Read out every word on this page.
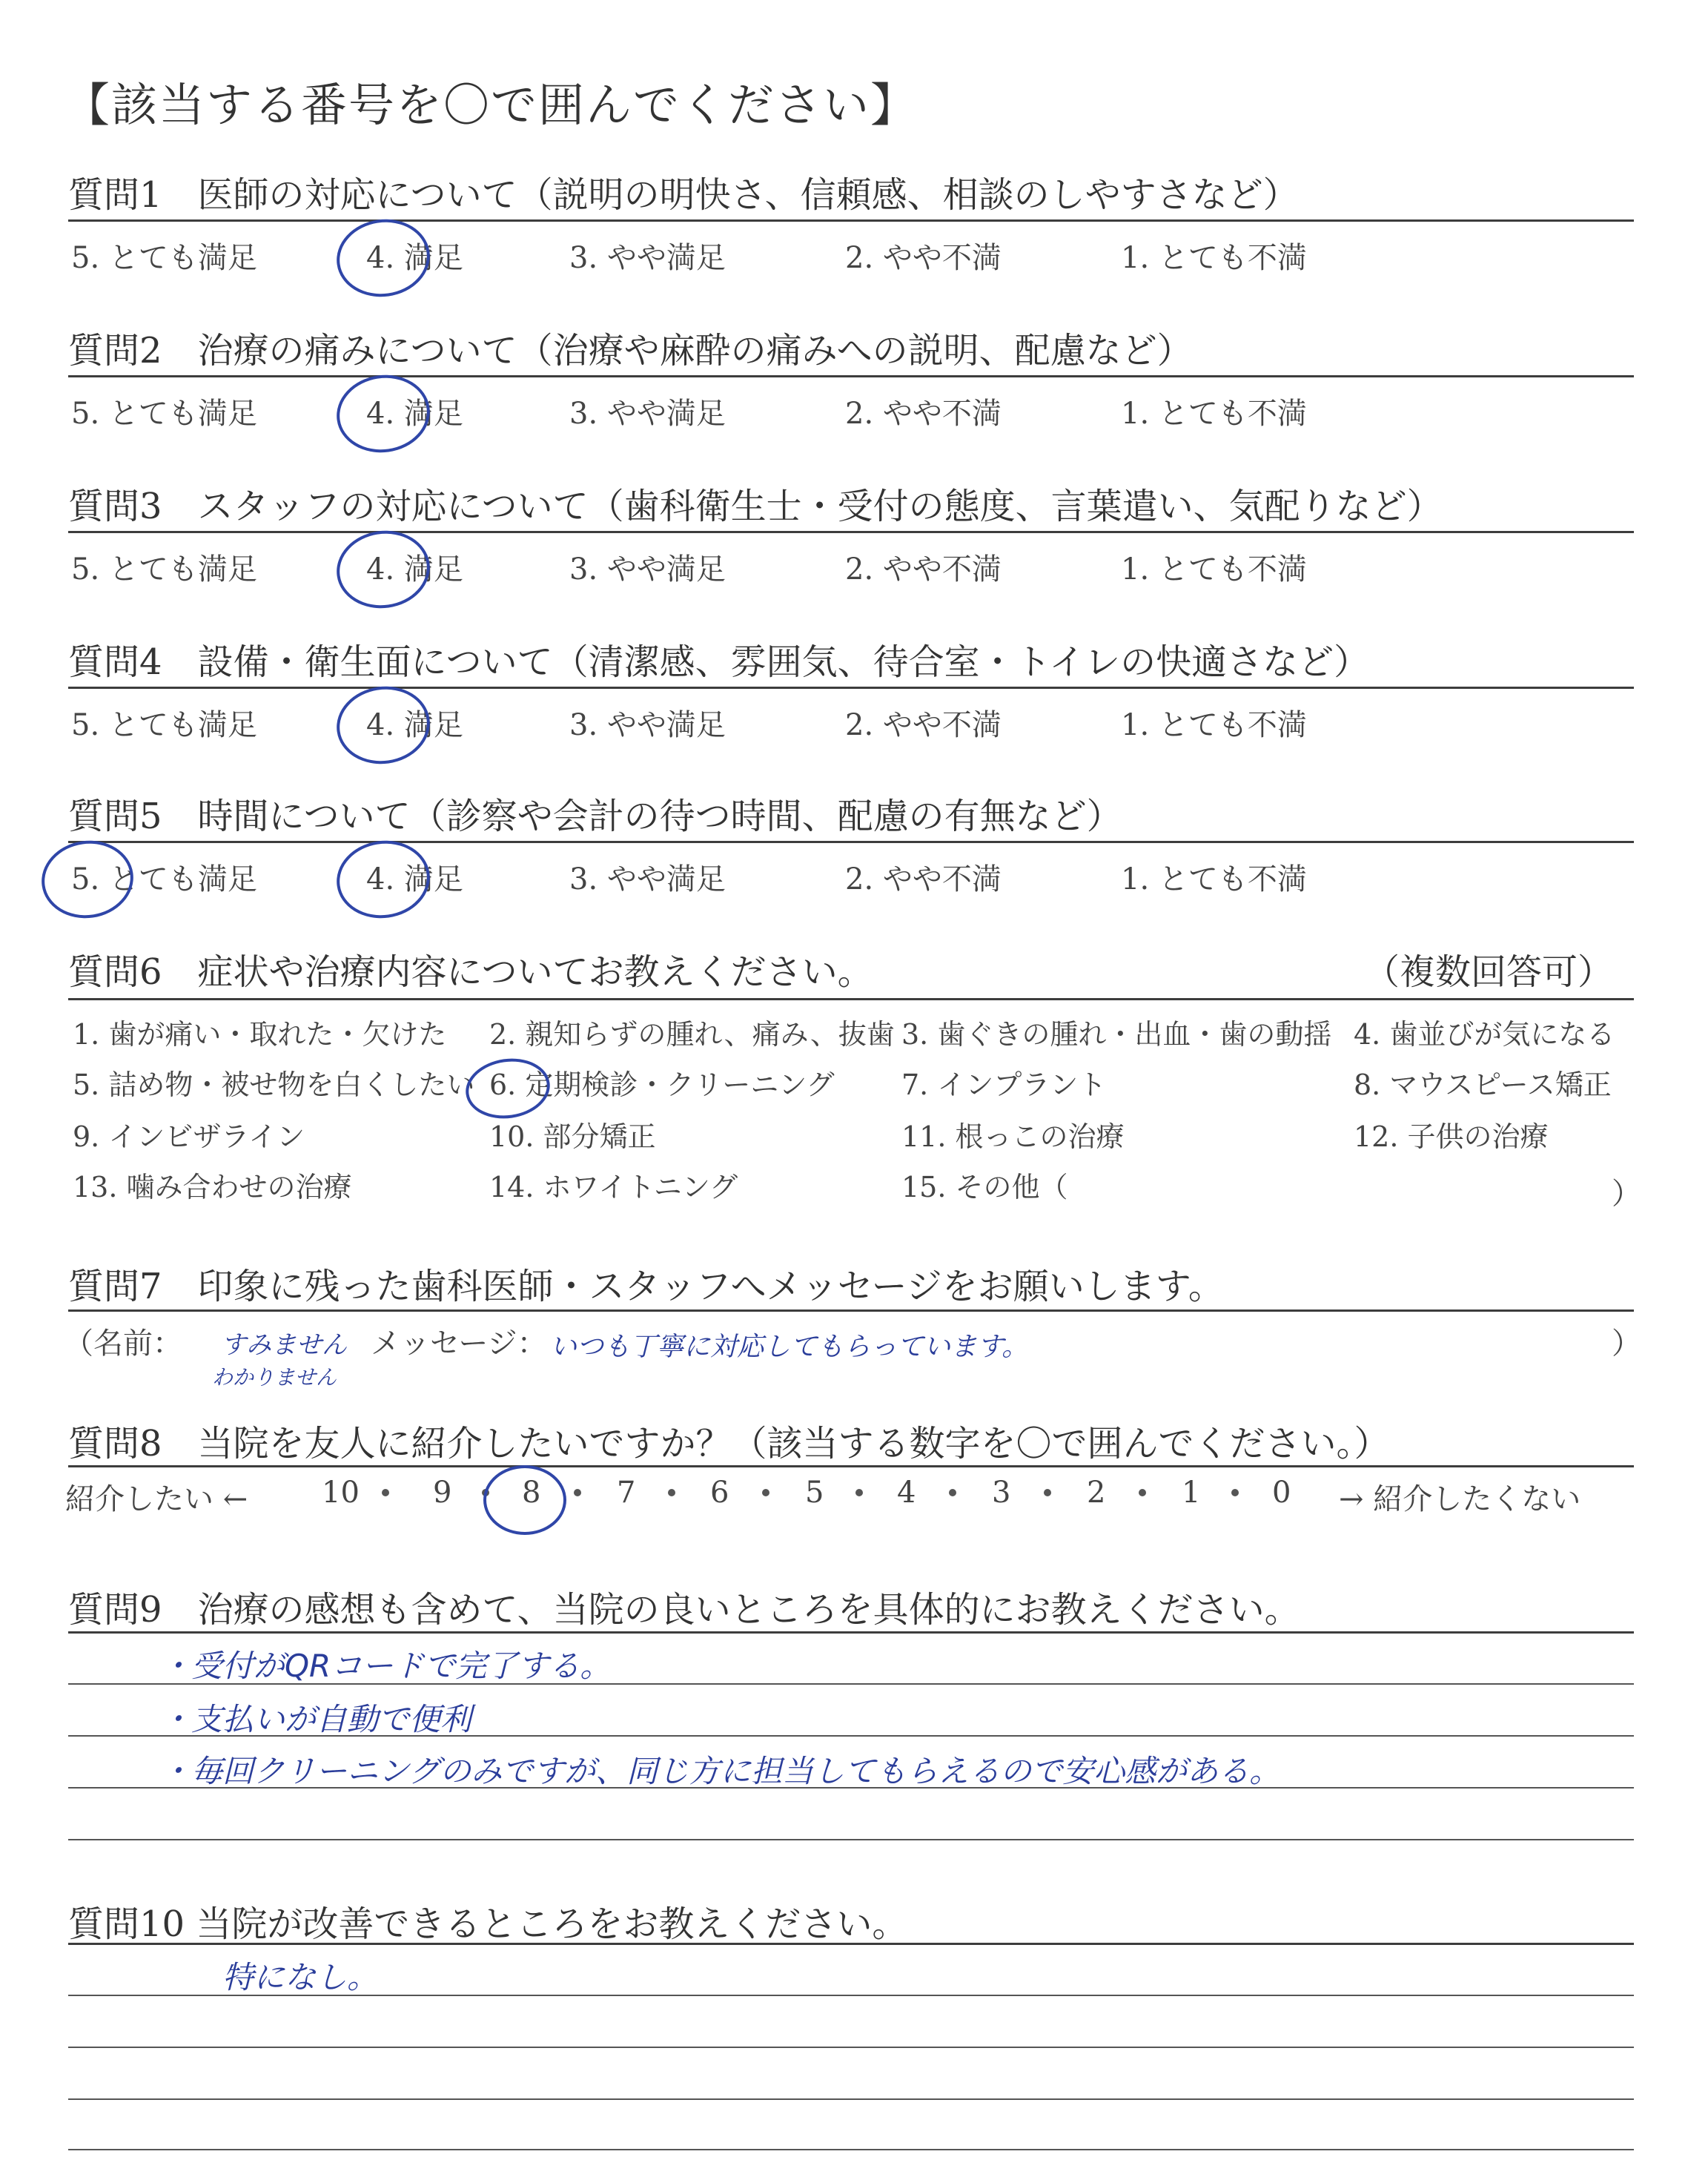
【該当する番号を〇で囲んでください】
質問1　医師の対応について（説明の明快さ、信頼感、相談のしやすさなど）
5. とても満足	4. 満足	3. やや満足	2. やや不満	1. とても不満
質問2　治療の痛みについて（治療や麻酔の痛みへの説明、配慮など）
5. とても満足	4. 満足	3. やや満足	2. やや不満	1. とても不満
質問3　スタッフの対応について（歯科衛生士・受付の態度、言葉遣い、気配りなど）
5. とても満足	4. 満足	3. やや満足	2. やや不満	1. とても不満
質問4　設備・衛生面について（清潔感、雰囲気、待合室・トイレの快適さなど）
5. とても満足	4. 満足	3. やや満足	2. やや不満	1. とても不満
質問5　時間について（診察や会計の待つ時間、配慮の有無など）
5. とても満足	4. 満足	3. やや満足	2. やや不満	1. とても不満
質問6　症状や治療内容についてお教えください。	（複数回答可）
1. 歯が痛い・取れた・欠けた 2. 親知らずの腫れ、痛み、抜歯 3. 歯ぐきの腫れ・出血・歯の動揺 4. 歯並びが気になる
5. 詰め物・被せ物を白くしたい 6. 定期検診・クリーニング 7. インプラント	8. マウスピース矯正
9. インビザライン	10. 部分矯正	11. 根っこの治療	12. 子供の治療
13. 噛み合わせの治療	14. ホワイトニング	15. その他（	）
質問7　印象に残った歯科医師・スタッフへメッセージをお願いします。
（名前： すみません
わかりません
メッセージ： いつも丁寧に対応してもらっています。	）
質問8　当院を友人に紹介したいですか？（該当する数字を〇で囲んでください。）
紹介したい ←	→ 紹介したくない
10 9 8	7	6	5 4	3	2	1 0
質問9　治療の感想も含めて、当院の良いところを具体的にお教えください。
・受付がQRコードで完了する。
・支払いが自動で便利
・毎回クリーニングのみですが、同じ方に担当してもらえるので安心感がある。
質問10 当院が改善できるところをお教えください。
特になし。
